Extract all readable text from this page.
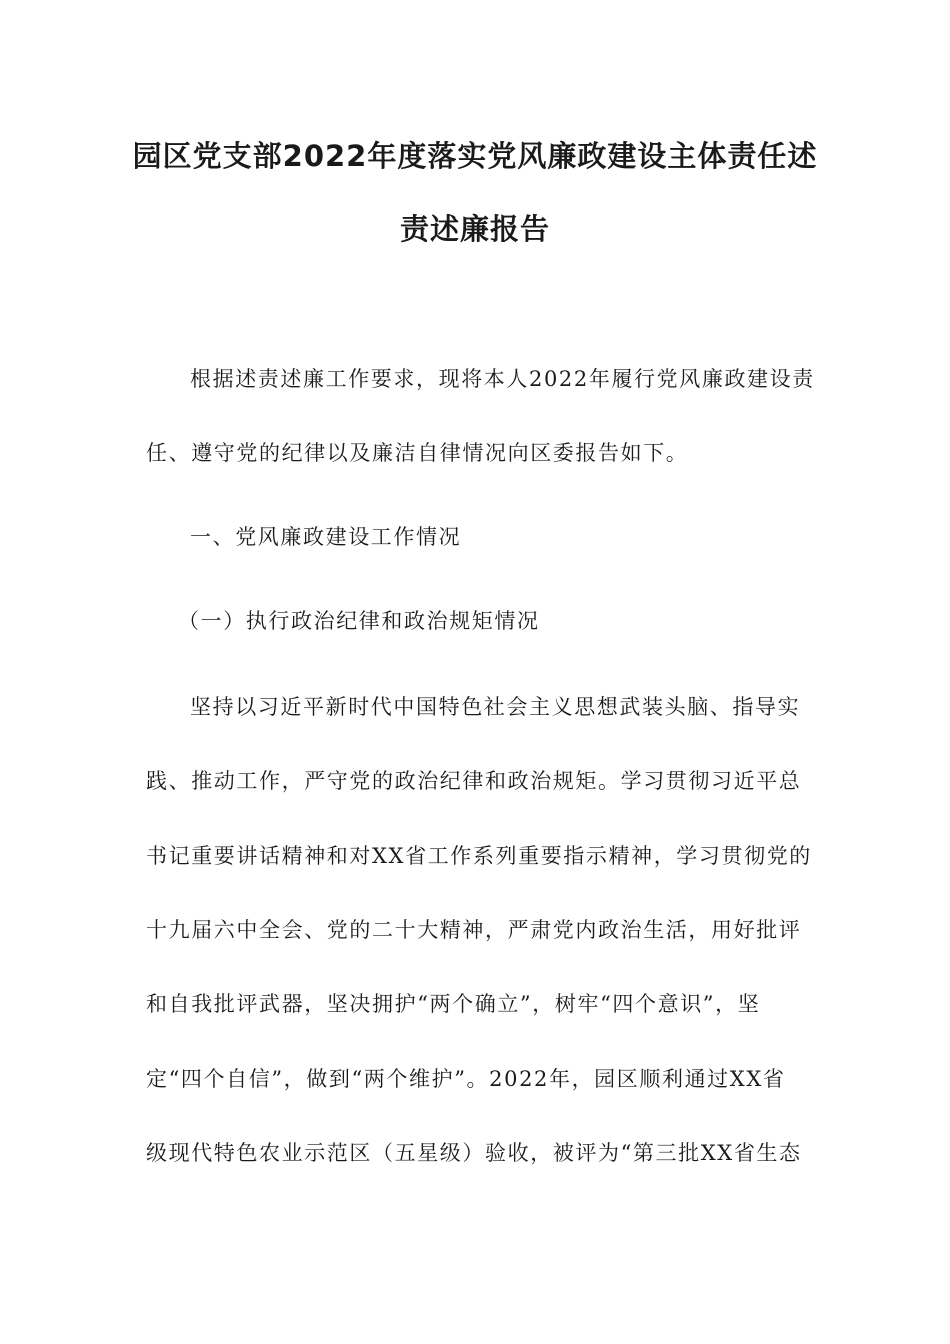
园区党支部2022年度落实党风廉政建设主体责任述
责述廉报告
根据述责述廉工作要求，现将本人2022年履行党风廉政建设责
任、遵守党的纪律以及廉洁自律情况向区委报告如下。
一、党风廉政建设工作情况
（一）执行政治纪律和政治规矩情况
坚持以习近平新时代中国特色社会主义思想武装头脑、指导实
践、推动工作，严守党的政治纪律和政治规矩。学习贯彻习近平总
书记重要讲话精神和对XX省工作系列重要指示精神，学习贯彻党的
十九届六中全会、党的二十大精神，严肃党内政治生活，用好批评
和自我批评武器，坚决拥护“两个确立”，树牢“四个意识”，坚
定“四个自信”，做到“两个维护”。2022年，园区顺利通过XX省
级现代特色农业示范区（五星级）验收，被评为“第三批XX省生态
